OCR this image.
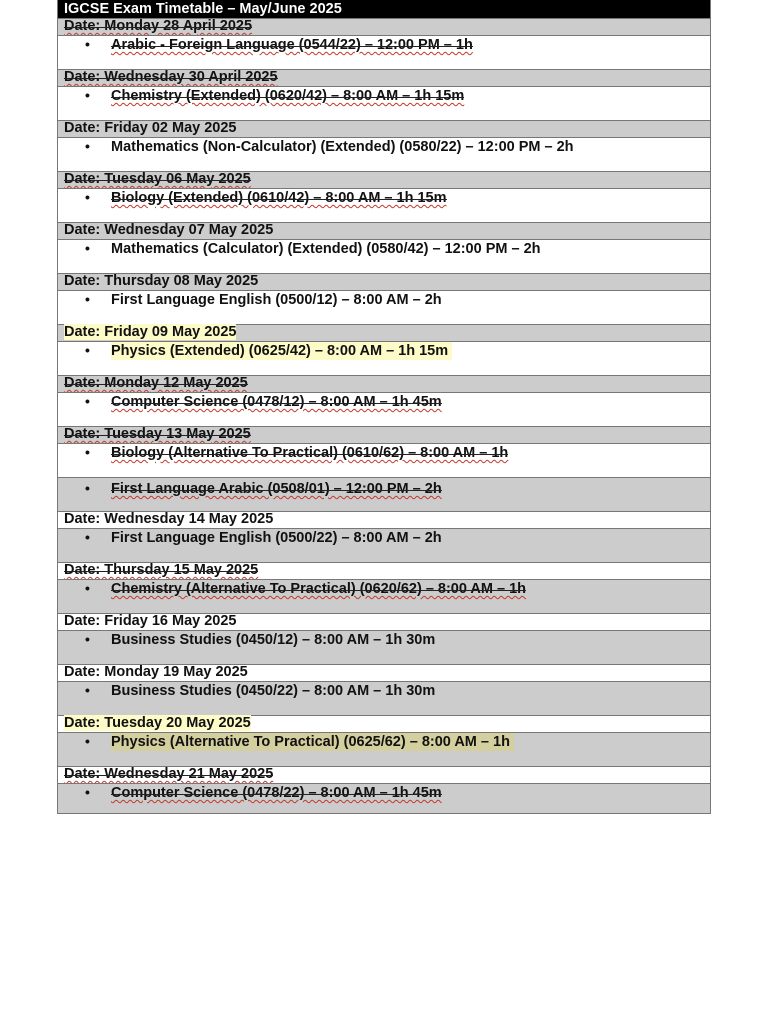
IGCSE Exam Timetable – May/June 2025
Date: Monday 28 April 2025
• Arabic - Foreign Language (0544/22) – 12:00 PM – 1h
Date: Wednesday 30 April 2025
• Chemistry (Extended) (0620/42) – 8:00 AM – 1h 15m
Date: Friday 02 May 2025
• Mathematics (Non-Calculator) (Extended) (0580/22) – 12:00 PM – 2h
Date: Tuesday 06 May 2025
• Biology (Extended) (0610/42) – 8:00 AM – 1h 15m
Date: Wednesday 07 May 2025
• Mathematics (Calculator) (Extended) (0580/42) – 12:00 PM – 2h
Date: Thursday 08 May 2025
• First Language English (0500/12) – 8:00 AM – 2h
Date: Friday 09 May 2025
• Physics (Extended) (0625/42) – 8:00 AM – 1h 15m
Date: Monday 12 May 2025
• Computer Science (0478/12) – 8:00 AM – 1h 45m
Date: Tuesday 13 May 2025
• Biology (Alternative To Practical) (0610/62) – 8:00 AM – 1h
• First Language Arabic (0508/01) – 12:00 PM – 2h
Date: Wednesday 14 May 2025
• First Language English (0500/22) – 8:00 AM – 2h
Date: Thursday 15 May 2025
• Chemistry (Alternative To Practical) (0620/62) – 8:00 AM – 1h
Date: Friday 16 May 2025
• Business Studies (0450/12) – 8:00 AM – 1h 30m
Date: Monday 19 May 2025
• Business Studies (0450/22) – 8:00 AM – 1h 30m
Date: Tuesday 20 May 2025
• Physics (Alternative To Practical) (0625/62) – 8:00 AM – 1h
Date: Wednesday 21 May 2025
• Computer Science (0478/22) – 8:00 AM – 1h 45m
